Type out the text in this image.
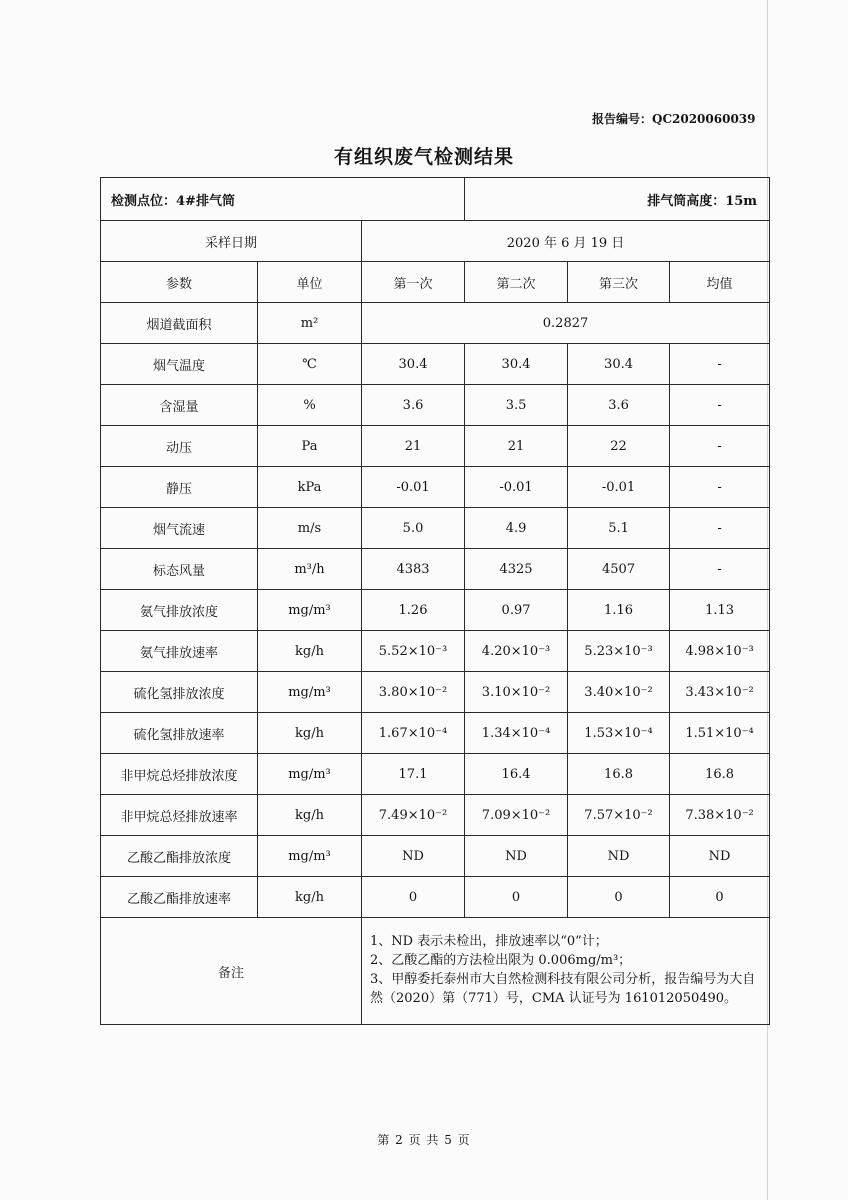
报告编号：QC2020060039
有组织废气检测结果
检测点位：4#排气筒			排气筒高度：15m		
采样日期		2020 年 6 月 19 日			
参数	单位	第一次	第二次	第三次	均值
烟道截面积	m²	0.2827			
烟气温度	℃	30.4	30.4	30.4	-
含湿量	%	3.6	3.5	3.6	-
动压	Pa	21	21	22	-
静压	kPa	-0.01	-0.01	-0.01	-
烟气流速	m/s	5.0	4.9	5.1	-
标态风量	m³/h	4383	4325	4507	-
氨气排放浓度	mg/m³	1.26	0.97	1.16	1.13
氨气排放速率	kg/h	5.52×10⁻³	4.20×10⁻³	5.23×10⁻³	4.98×10⁻³
硫化氢排放浓度	mg/m³	3.80×10⁻²	3.10×10⁻²	3.40×10⁻²	3.43×10⁻²
硫化氢排放速率	kg/h	1.67×10⁻⁴	1.34×10⁻⁴	1.53×10⁻⁴	1.51×10⁻⁴
非甲烷总烃排放浓度	mg/m³	17.1	16.4	16.8	16.8
非甲烷总烃排放速率	kg/h	7.49×10⁻²	7.09×10⁻²	7.57×10⁻²	7.38×10⁻²
乙酸乙酯排放浓度	mg/m³	ND	ND	ND	ND
乙酸乙酯排放速率	kg/h	0	0	0	0
备注		1、ND 表示未检出，排放速率以“0”计；
2、乙酸乙酯的方法检出限为 0.006mg/m³；
3、甲醇委托泰州市大自然检测科技有限公司分析，报告编号为大自然（2020）第（771）号，CMA 认证号为 161012050490。			
第 2 页 共 5 页
